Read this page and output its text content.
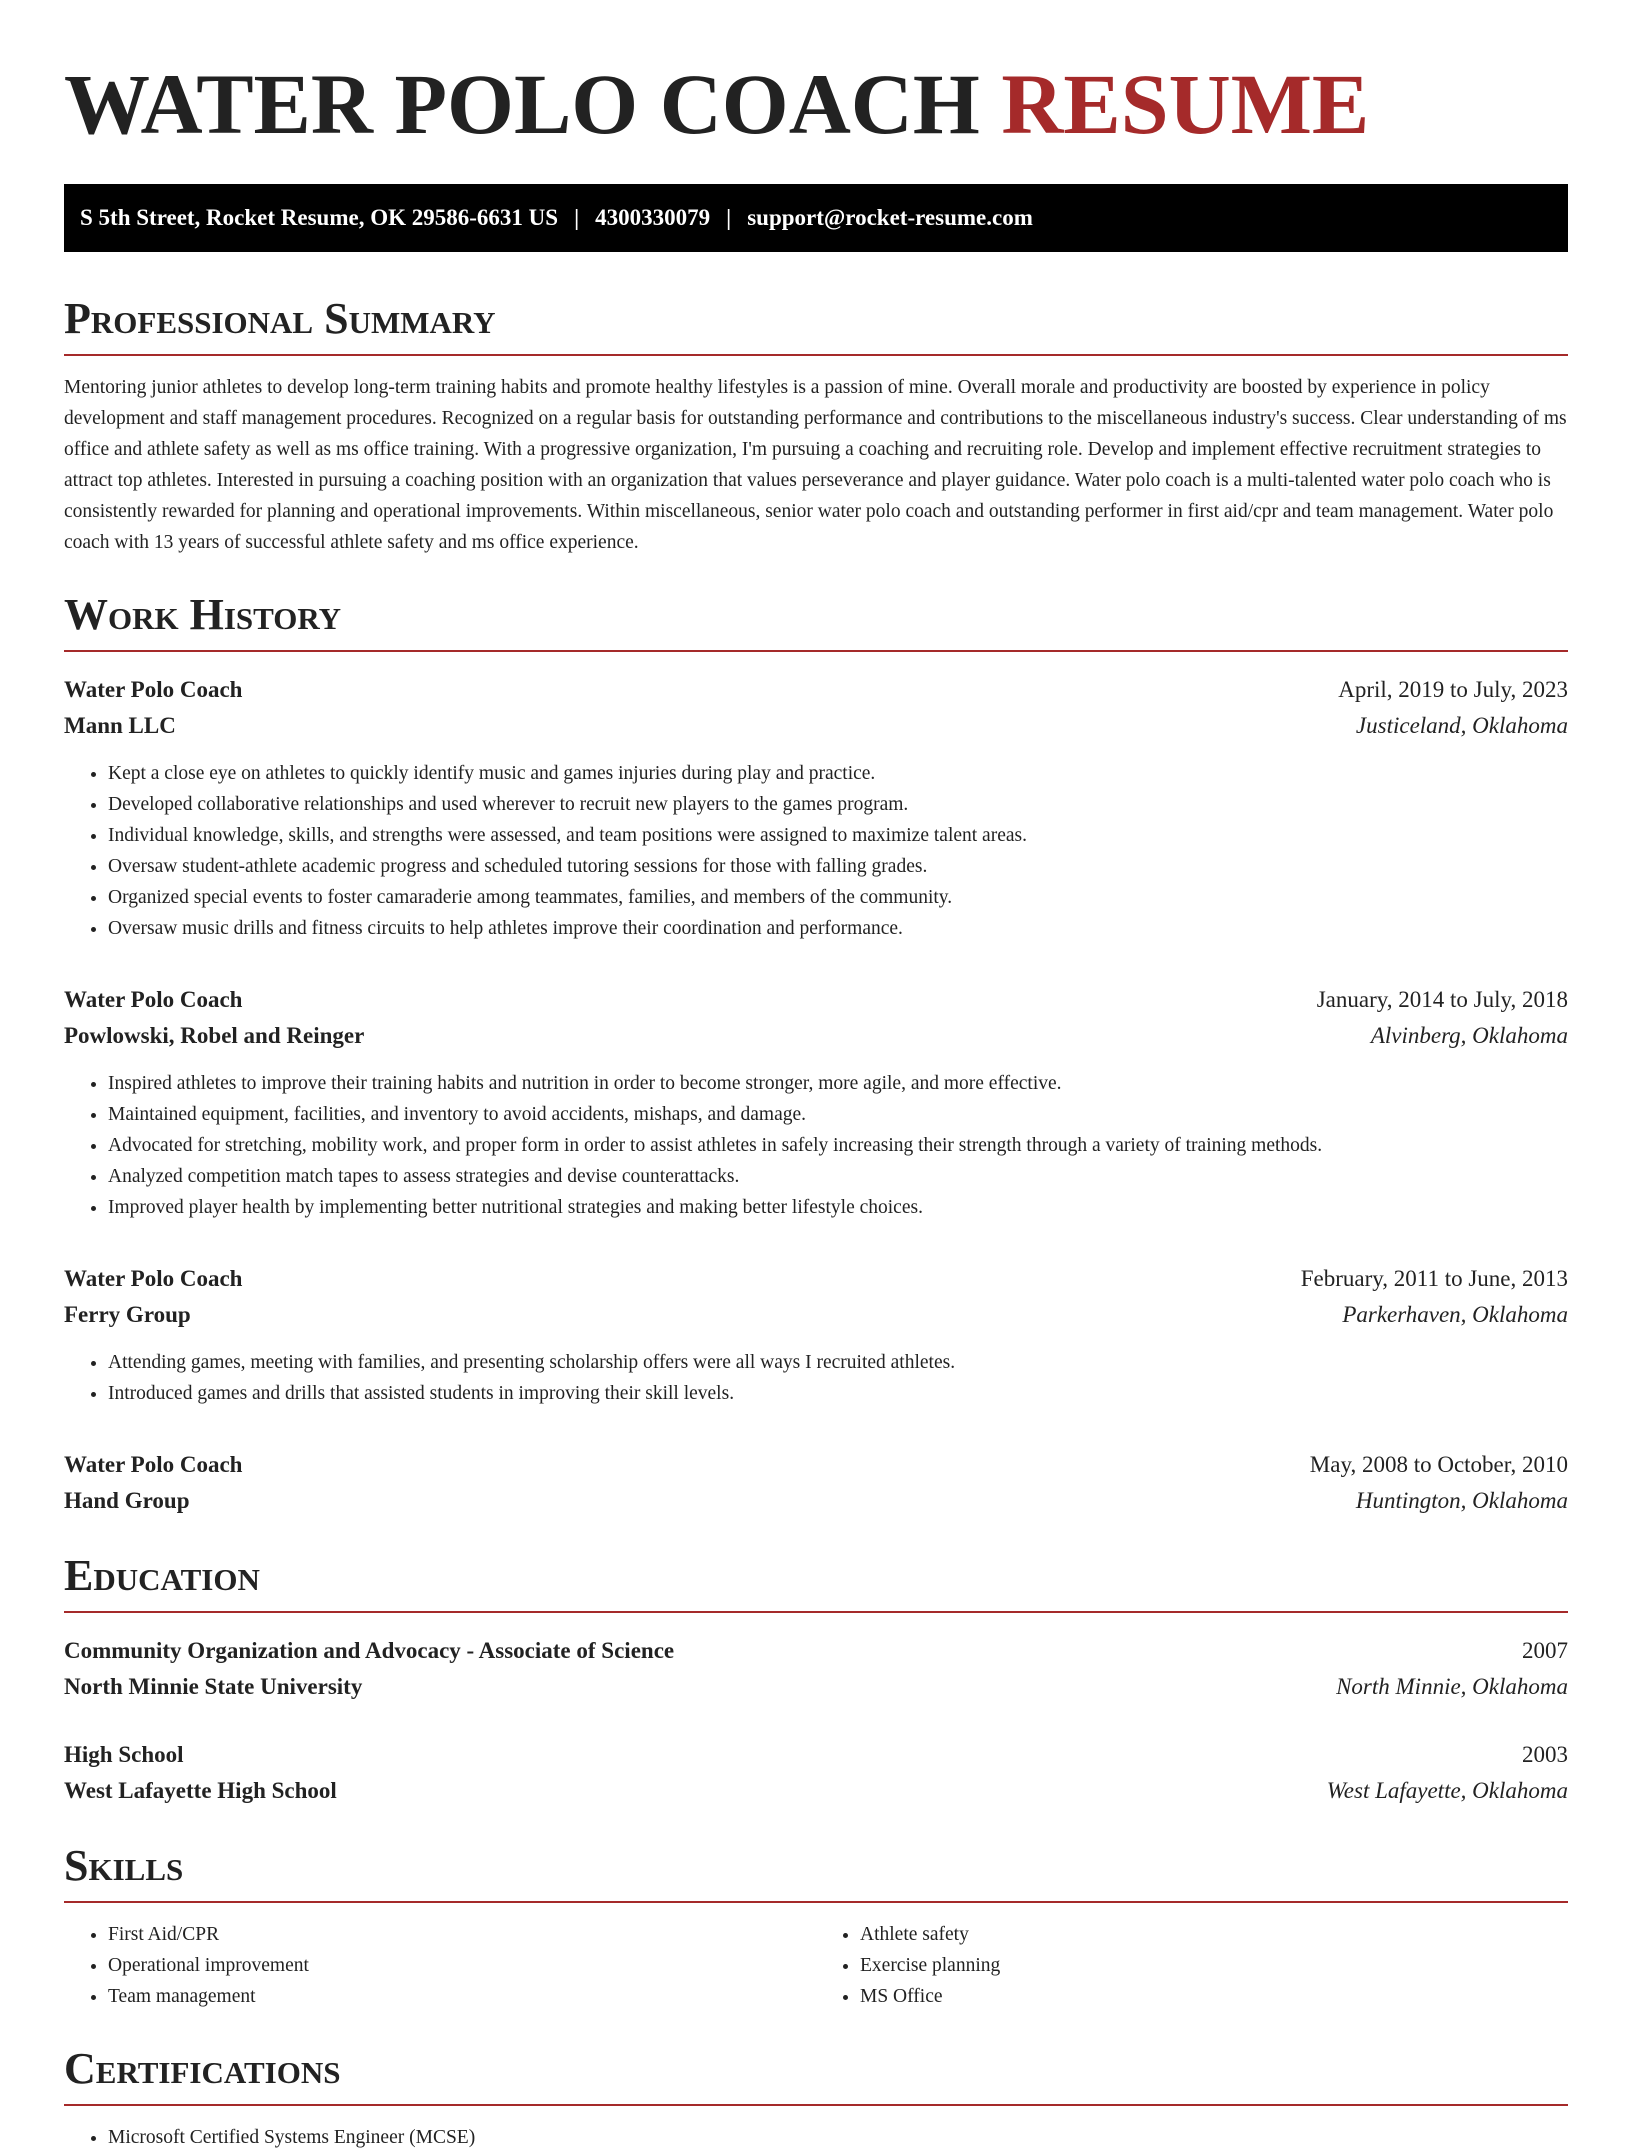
WATER POLO COACH RESUME
S 5th Street, Rocket Resume, OK 29586-6631 US | 4300330079 | support@rocket-resume.com
Professional Summary

Mentoring junior athletes to develop long-term training habits and promote healthy lifestyles is a passion of mine. Overall morale and productivity are boosted by experience in policy development and staff management procedures. Recognized on a regular basis for outstanding performance and contributions to the miscellaneous industry's success. Clear understanding of ms office and athlete safety as well as ms office training. With a progressive organization, I'm pursuing a coaching and recruiting role. Develop and implement effective recruitment strategies to attract top athletes. Interested in pursuing a coaching position with an organization that values perseverance and player guidance. Water polo coach is a multi-talented water polo coach who is consistently rewarded for planning and operational improvements. Within miscellaneous, senior water polo coach and outstanding performer in first aid/cpr and team management. Water polo coach with 13 years of successful athlete safety and ms office experience.

Work History
Water Polo Coach	April, 2019 to July, 2023
Mann LLC	Justiceland, Oklahoma
• Kept a close eye on athletes to quickly identify music and games injuries during play and practice.
• Developed collaborative relationships and used wherever to recruit new players to the games program.
• Individual knowledge, skills, and strengths were assessed, and team positions were assigned to maximize talent areas.
• Oversaw student-athlete academic progress and scheduled tutoring sessions for those with falling grades.
• Organized special events to foster camaraderie among teammates, families, and members of the community.
• Oversaw music drills and fitness circuits to help athletes improve their coordination and performance.
Water Polo Coach	January, 2014 to July, 2018
Powlowski, Robel and Reinger	Alvinberg, Oklahoma
• Inspired athletes to improve their training habits and nutrition in order to become stronger, more agile, and more effective.
• Maintained equipment, facilities, and inventory to avoid accidents, mishaps, and damage.
• Advocated for stretching, mobility work, and proper form in order to assist athletes in safely increasing their strength through a variety of training methods.
• Analyzed competition match tapes to assess strategies and devise counterattacks.
• Improved player health by implementing better nutritional strategies and making better lifestyle choices.
Water Polo Coach	February, 2011 to June, 2013
Ferry Group	Parkerhaven, Oklahoma
• Attending games, meeting with families, and presenting scholarship offers were all ways I recruited athletes.
• Introduced games and drills that assisted students in improving their skill levels.
Water Polo Coach	May, 2008 to October, 2010
Hand Group	Huntington, Oklahoma
Education
Community Organization and Advocacy - Associate of Science	2007
North Minnie State University	North Minnie, Oklahoma
High School	2003
West Lafayette High School	West Lafayette, Oklahoma
Skills
• First Aid/CPR
• Operational improvement
• Team management
• Athlete safety
• Exercise planning
• MS Office
Certifications
• Microsoft Certified Systems Engineer (MCSE)
